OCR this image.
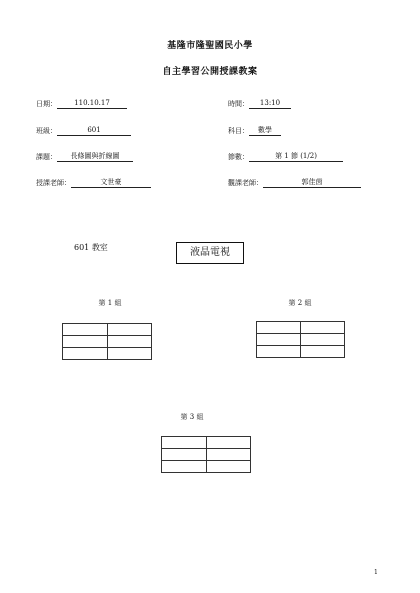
基隆市隆聖國民小學
自主學習公開授課教案
日期：	110.10.17	時間：	13:10
班級：	601	科目：	數學
課題：	長條圖與折線圖	節數：	第 1 節 (1/2)
授課老師：	文世豪	觀課老師：	郭佳茵
601 教室	液晶電視
第 1 組

		第 2 組

第 3 組

1
